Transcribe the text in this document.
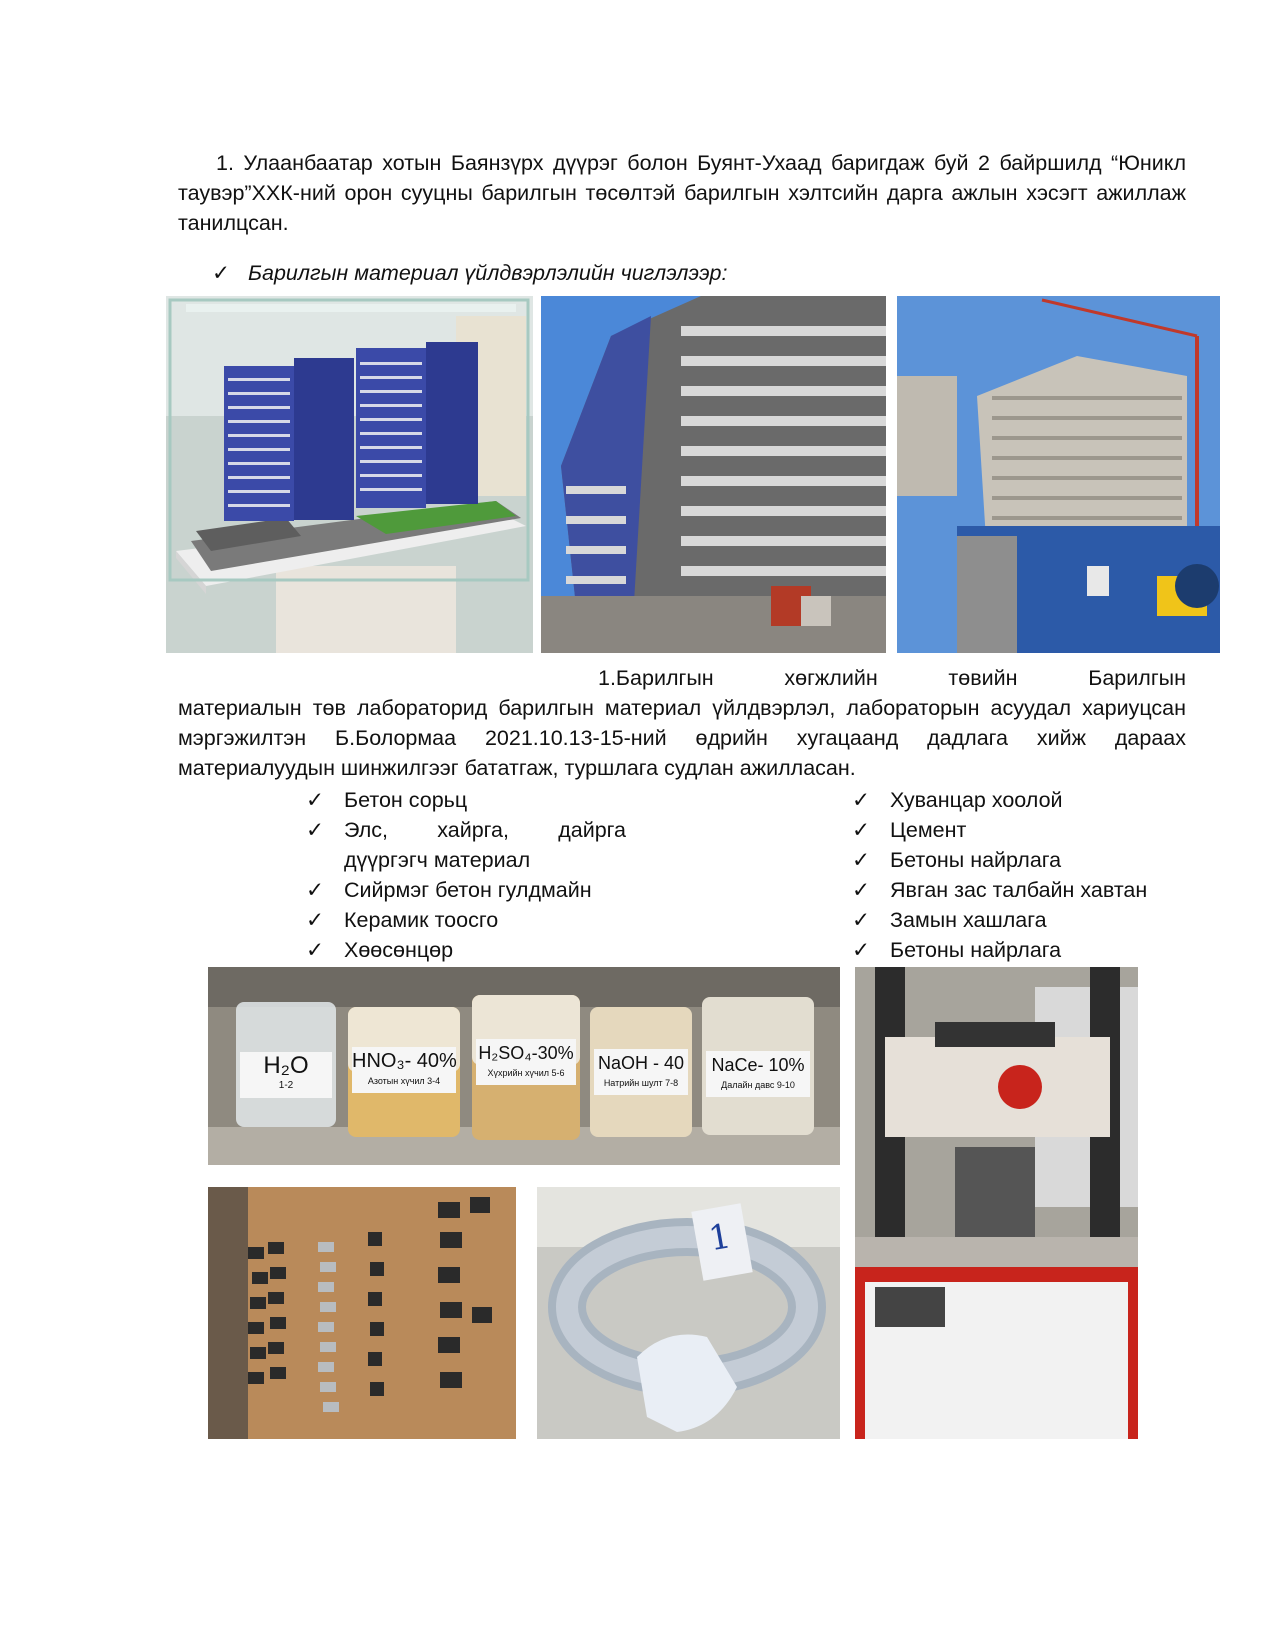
1. Улаанбаатар хотын Баянзүрх дүүрэг болон Буянт-Ухаад баригдаж буй 2 байршилд “Юникл таувэр”ХХК-ний орон сууцны барилгын төсөлтэй барилгын хэлтсийн дарга ажлын хэсэгт ажиллаж танилцсан.
✓ Барилгын материал үйлдвэрлэлийн чиглэлээр:
1.Барилгын хөгжлийн төвийн Барилгын
материалын төв лабораторид барилгын материал үйлдвэрлэл, лабораторын асуудал хариуцсан мэргэжилтэн Б.Болормаа 2021.10.13-15-ний өдрийн хугацаанд дадлага хийж дараах материалуудын шинжилгээг бататгаж, туршлага судлан ажилласан.
✓ Бетон сорьц
✓ Элс, хайрга, дайрга дүүргэгч материал
✓ Сийрмэг бетон гулдмайн
✓ Керамик тоосго
✓ Хөөсөнцөр
✓ Хуванцар хоолой
✓ Цемент
✓ Бетоны найрлага
✓ Явган зас талбайн хавтан
✓ Замын хашлага
✓ Бетоны найрлага
H₂O
1-2
HNO₃- 40%
Азотын хүчил 3-4
H₂SO₄-30%
Хүхрийн хүчил 5-6	NaOH - 40
Натрийн шулт 7-8
NaCe- 10%
Далайн давс 9-10
1
